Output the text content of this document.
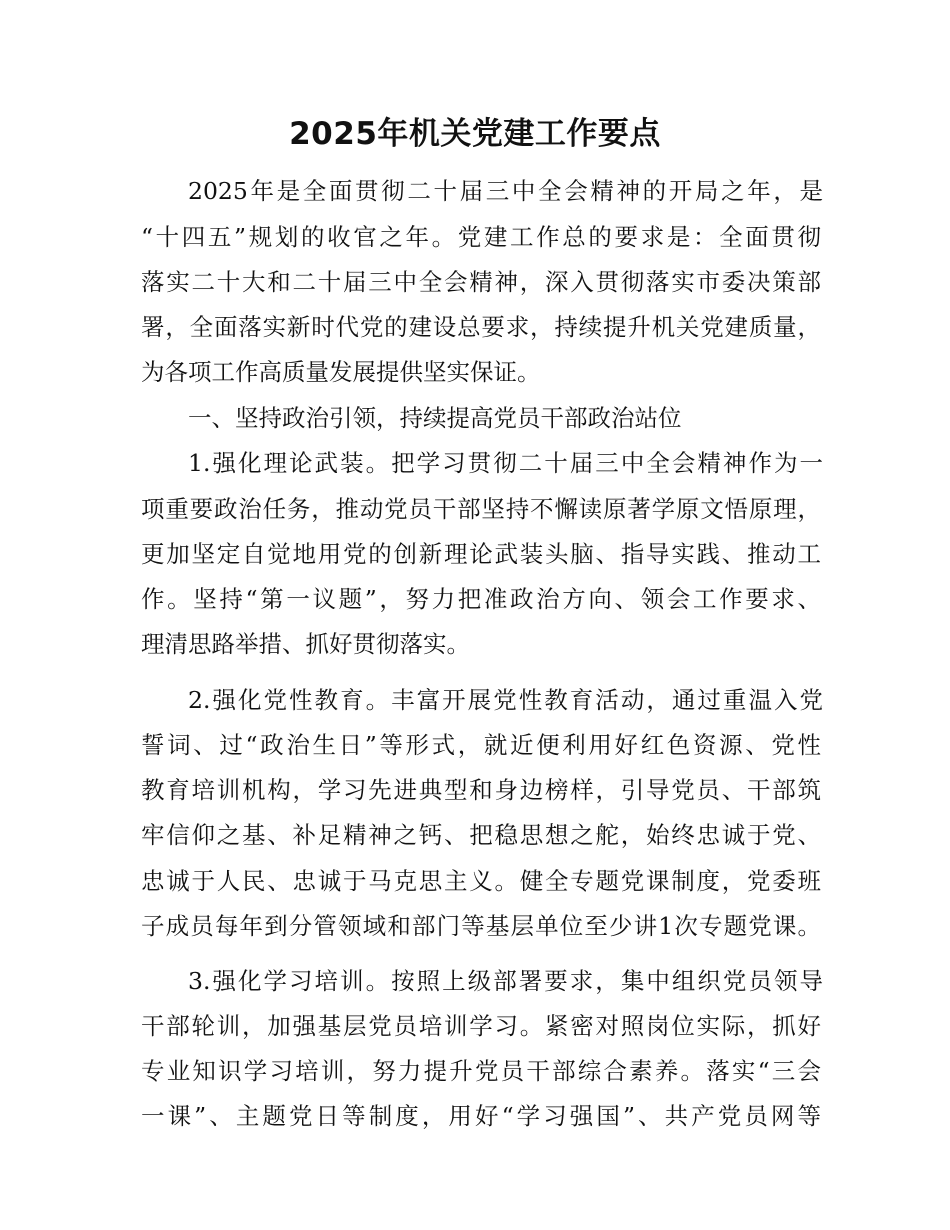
2025年机关党建工作要点
2025年是全面贯彻二十届三中全会精神的开局之年，是
“十四五”规划的收官之年。党建工作总的要求是：全面贯彻
落实二十大和二十届三中全会精神，深入贯彻落实市委决策部
署，全面落实新时代党的建设总要求，持续提升机关党建质量，
为各项工作高质量发展提供坚实保证。
一、坚持政治引领，持续提高党员干部政治站位
1.强化理论武装。把学习贯彻二十届三中全会精神作为一
项重要政治任务，推动党员干部坚持不懈读原著学原文悟原理，
更加坚定自觉地用党的创新理论武装头脑、指导实践、推动工
作。坚持“第一议题”，努力把准政治方向、领会工作要求、
理清思路举措、抓好贯彻落实。
2.强化党性教育。丰富开展党性教育活动，通过重温入党
誓词、过“政治生日”等形式，就近便利用好红色资源、党性
教育培训机构，学习先进典型和身边榜样，引导党员、干部筑
牢信仰之基、补足精神之钙、把稳思想之舵，始终忠诚于党、
忠诚于人民、忠诚于马克思主义。健全专题党课制度，党委班
子成员每年到分管领域和部门等基层单位至少讲1次专题党课。
3.强化学习培训。按照上级部署要求，集中组织党员领导
干部轮训，加强基层党员培训学习。紧密对照岗位实际，抓好
专业知识学习培训，努力提升党员干部综合素养。落实“三会
一课”、主题党日等制度，用好“学习强国”、共产党员网等
